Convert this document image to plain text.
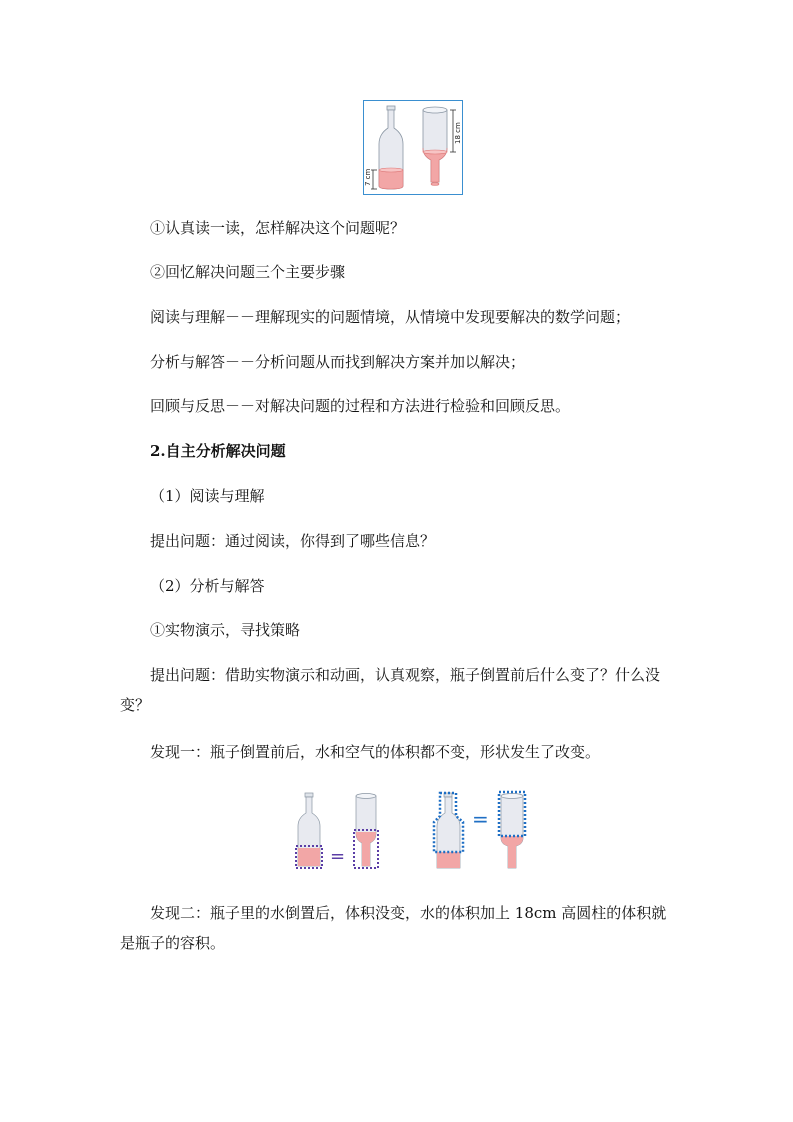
7 cm
18 cm
①认真读一读，怎样解决这个问题呢？
②回忆解决问题三个主要步骤
阅读与理解－－理解现实的问题情境，从情境中发现要解决的数学问题；
分析与解答－－分析问题从而找到解决方案并加以解决；
回顾与反思－－对解决问题的过程和方法进行检验和回顾反思。
2.自主分析解决问题
（1）阅读与理解
提出问题：通过阅读，你得到了哪些信息？
（2）分析与解答
①实物演示，寻找策略
提出问题：借助实物演示和动画，认真观察，瓶子倒置前后什么变了？什么没变？
发现一：瓶子倒置前后，水和空气的体积都不变，形状发生了改变。
=
=
发现二：瓶子里的水倒置后，体积没变，水的体积加上 18cm 高圆柱的体积就是瓶子的容积。
